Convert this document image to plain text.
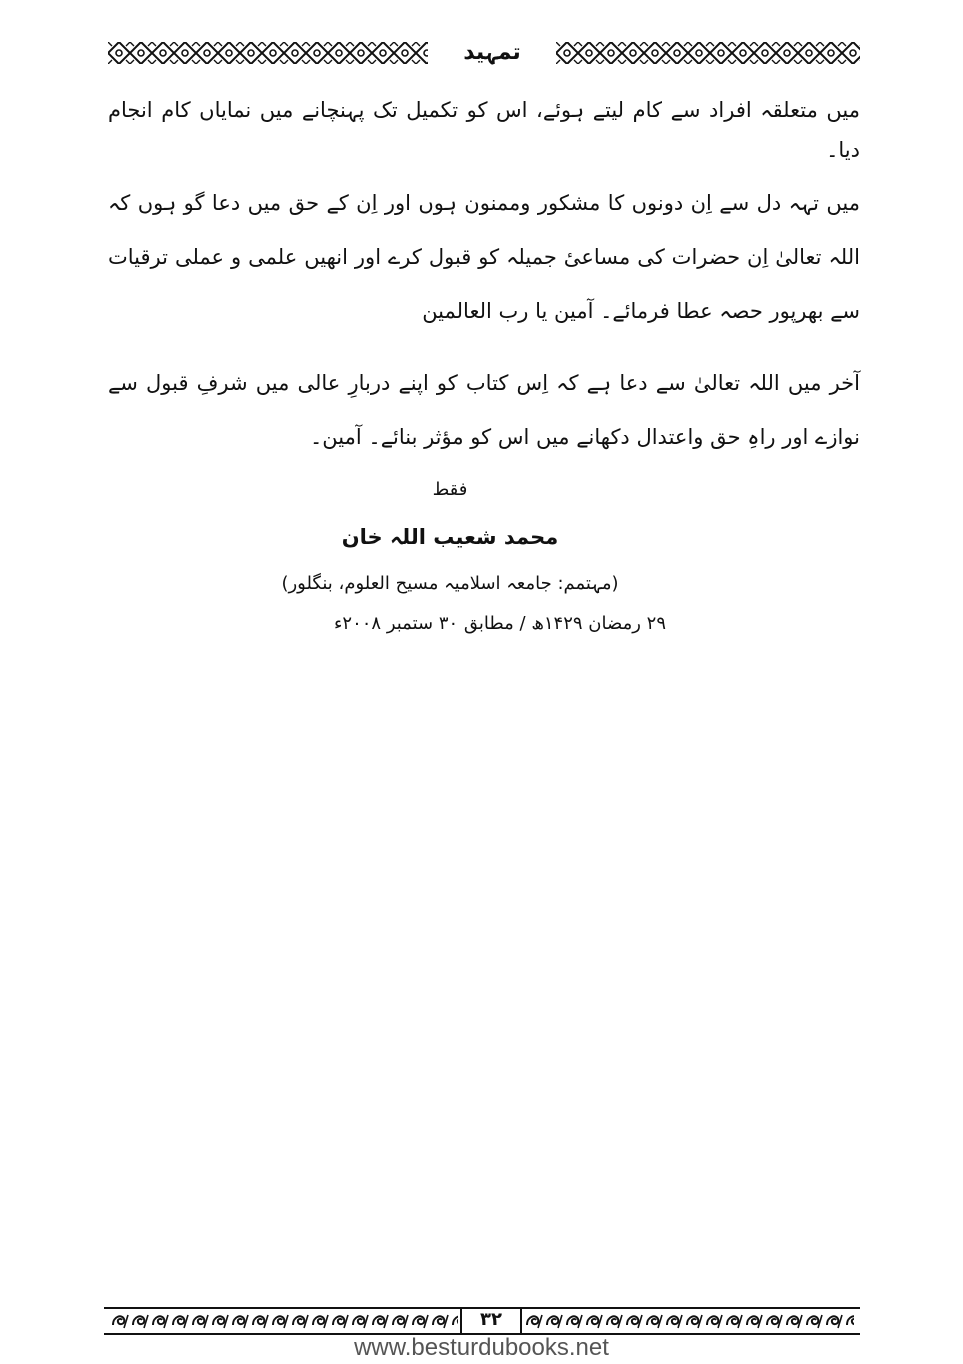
تمہید

میں متعلقہ افراد سے کام لیتے ہوئے، اس کو تکمیل تک پہنچانے میں نمایاں کام انجام دیا۔

میں تہہ دل سے اِن دونوں کا مشکور وممنون ہوں اور اِن کے حق میں دعا گو ہوں کہ اللہ تعالیٰ اِن حضرات کی مساعیٔ جمیلہ کو قبول کرے اور انھیں علمی و عملی ترقیات سے بھرپور حصہ عطا فرمائے۔ آمین یا رب العالمین

آخر میں اللہ تعالیٰ سے دعا ہے کہ اِس کتاب کو اپنے دربارِ عالی میں شرفِ قبول سے نوازے اور راہِ حق واعتدال دکھانے میں اس کو مؤثر بنائے۔ آمین۔

فقط

محمد شعیب اللہ خان

(مہتمم: جامعہ اسلامیہ مسیح العلوم، بنگلور)

۲۹ رمضان ۱۴۲۹ھ / مطابق ۳۰ ستمبر ۲۰۰۸ء

۳۲
www.besturdubooks.net
